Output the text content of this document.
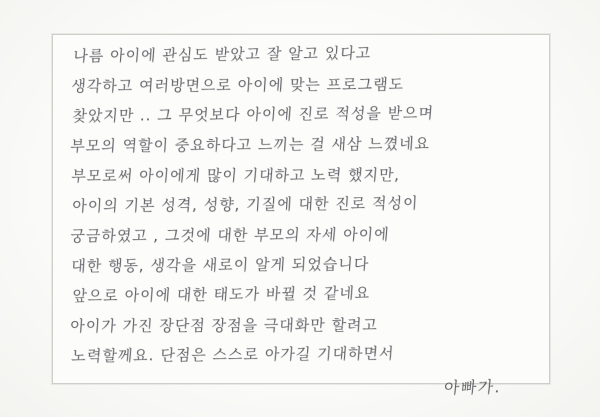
나름 아이에 관심도 받았고 잘 알고 있다고
생각하고 여러방면으로 아이에 맞는 프로그램도
찾았지만 .. 그 무엇보다 아이에 진로 적성을 받으며
부모의 역할이 중요하다고 느끼는 걸 새삼 느꼈네요
부모로써 아이에게 많이 기대하고 노력 했지만,
아이의 기본 성격, 성향, 기질에 대한 진로 적성이
궁금하였고 , 그것에 대한 부모의 자세 아이에
대한 행동, 생각을 새로이 알게 되었습니다
앞으로 아이에 대한 태도가 바뀔 것 같네요
아이가 가진 장단점 장점을 극대화만 할려고
노력할께요. 단점은 스스로 아가길 기대하면서
아빠가.
